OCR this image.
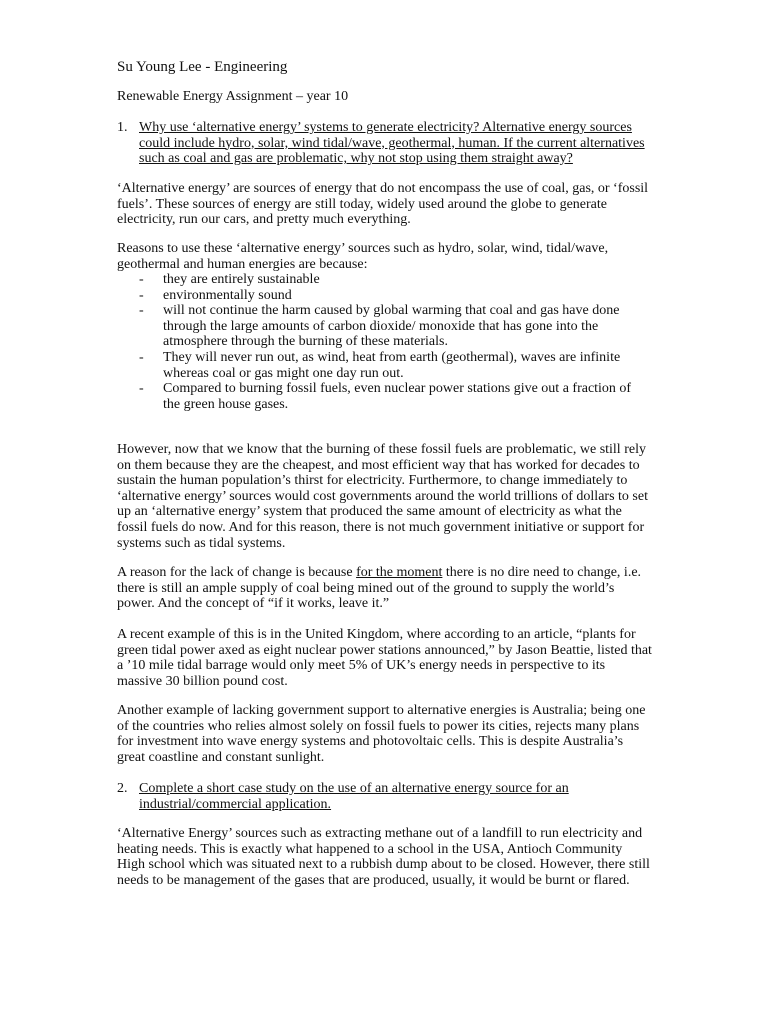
Su Young Lee - Engineering

Renewable Energy Assignment – year 10

1. Why use ‘alternative energy’ systems to generate electricity? Alternative energy sources could include hydro, solar, wind tidal/wave, geothermal, human. If the current alternatives such as coal and gas are problematic, why not stop using them straight away?

‘Alternative energy’ are sources of energy that do not encompass the use of coal, gas, or ‘fossil fuels’. These sources of energy are still today, widely used around the globe to generate electricity, run our cars, and pretty much everything.

Reasons to use these ‘alternative energy’ sources such as hydro, solar, wind, tidal/wave, geothermal and human energies are because:

- they are entirely sustainable
- environmentally sound
- will not continue the harm caused by global warming that coal and gas have done through the large amounts of carbon dioxide/ monoxide that has gone into the atmosphere through the burning of these materials.
- They will never run out, as wind, heat from earth (geothermal), waves are infinite whereas coal or gas might one day run out.
- Compared to burning fossil fuels, even nuclear power stations give out a fraction of the green house gases.

However, now that we know that the burning of these fossil fuels are problematic, we still rely on them because they are the cheapest, and most efficient way that has worked for decades to sustain the human population’s thirst for electricity. Furthermore, to change immediately to ‘alternative energy’ sources would cost governments around the world trillions of dollars to set up an ‘alternative energy’ system that produced the same amount of electricity as what the fossil fuels do now. And for this reason, there is not much government initiative or support for systems such as tidal systems.

A reason for the lack of change is because for the moment there is no dire need to change, i.e. there is still an ample supply of coal being mined out of the ground to supply the world’s power. And the concept of “if it works, leave it.”

A recent example of this is in the United Kingdom, where according to an article, “plants for green tidal power axed as eight nuclear power stations announced,” by Jason Beattie, listed that a ’10 mile tidal barrage would only meet 5% of UK’s energy needs in perspective to its massive 30 billion pound cost.

Another example of lacking government support to alternative energies is Australia; being one of the countries who relies almost solely on fossil fuels to power its cities, rejects many plans for investment into wave energy systems and photovoltaic cells. This is despite Australia’s great coastline and constant sunlight.

2. Complete a short case study on the use of an alternative energy source for an industrial/commercial application.

‘Alternative Energy’ sources such as extracting methane out of a landfill to run electricity and heating needs. This is exactly what happened to a school in the USA, Antioch Community High school which was situated next to a rubbish dump about to be closed. However, there still needs to be management of the gases that are produced, usually, it would be burnt or flared.
